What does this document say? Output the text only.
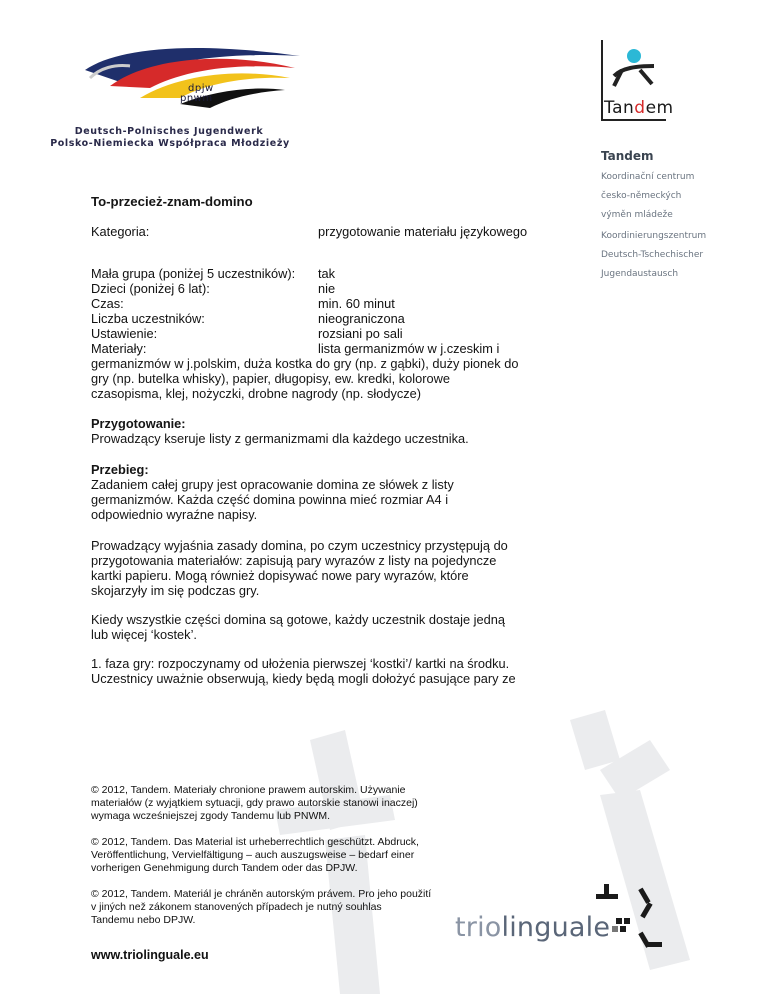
dpjw
pnwm
Deutsch-Polnisches Jugendwerk
Polsko-Niemiecka Współpraca Młodzieży
Tandem
Tandem
Koordinační centrum
česko-německých
výměn mládeže
Koordinierungszentrum
Deutsch-Tschechischer
Jugendaustausch
To-przecież-znam-domino
Kategoria:	przygotowanie materiału językowego
Mała grupa (poniżej 5 uczestników): tak
Dzieci (poniżej 6 lat):	nie
Czas:	min. 60 minut
Liczba uczestników:	nieograniczona
Ustawienie:	rozsiani po sali
Materiały:	lista germanizmów w j.czeskim i
germanizmów w j.polskim, duża kostka do gry (np. z gąbki), duży pionek do
gry (np. butelka whisky), papier, długopisy, ew. kredki, kolorowe
czasopisma, klej, nożyczki, drobne nagrody (np. słodycze)
Przygotowanie:
Prowadzący kseruje listy z germanizmami dla każdego uczestnika.
Przebieg:
Zadaniem całej grupy jest opracowanie domina ze słówek z listy
germanizmów. Każda część domina powinna mieć rozmiar A4 i
odpowiednio wyraźne napisy.
Prowadzący wyjaśnia zasady domina, po czym uczestnicy przystępują do
przygotowania materiałów: zapisują pary wyrazów z listy na pojedyncze
kartki papieru. Mogą również dopisywać nowe pary wyrazów, które
skojarzyły im się podczas gry.
Kiedy wszystkie części domina są gotowe, każdy uczestnik dostaje jedną
lub więcej ‘kostek’.
1. faza gry: rozpoczynamy od ułożenia pierwszej ‘kostki’/ kartki na środku.
Uczestnicy uważnie obserwują, kiedy będą mogli dołożyć pasujące pary ze
© 2012, Tandem. Materiały chronione prawem autorskim. Używanie
materiałów (z wyjątkiem sytuacji, gdy prawo autorskie stanowi inaczej)
wymaga wcześniejszej zgody Tandemu lub PNWM.
© 2012, Tandem. Das Material ist urheberrechtlich geschützt. Abdruck,
Veröffentlichung, Vervielfältigung – auch auszugsweise – bedarf einer
vorherigen Genehmigung durch Tandem oder das DPJW.
© 2012, Tandem. Materiál je chráněn autorským právem. Pro jeho použití
v jiných než zákonem stanovených případech je nutný souhlas
Tandemu nebo DPJW.
www.triolinguale.eu
triolinguale
